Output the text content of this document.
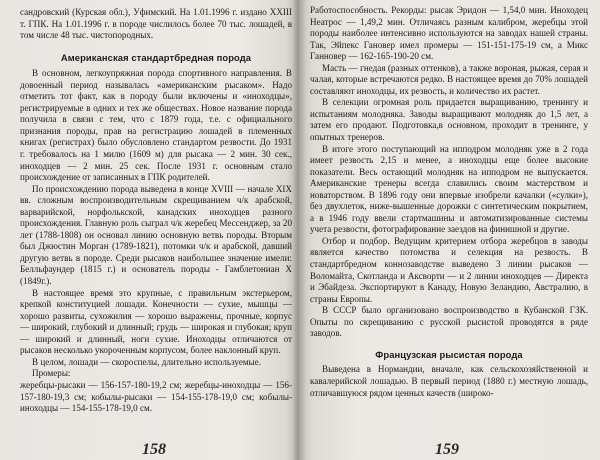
сандровский (Курская обл.), Уфимский. На 1.01.1996 г. издано XXIII т. ГПК. На 1.01.1996 г. в породе числилось более 70 тыс. лошадей, в том числе 48 тыс. чистопородных.

Американская стандартбредная порода

В основном, легкоупряжная порода спортивного направления. В довоенный период называлась «американским рысаком». Надо отметить тот факт, как в породу были включены и «иноходцы», регистрируемые в одних и тех же обществах. Новое название порода получила в связи с тем, что с 1879 года, т.е. с официального признания породы, прав на регистрацию лошадей в племенных книгах (регистрах) было обусловлено стандартом резвости. До 1931 г. требовалось на 1 милю (1609 м) для рысака — 2 мин. 30 сек., иноходцев — 2 мин. 25 сек. После 1931 г. основным стало происхождение от записанных в ГПК родителей.

По происхождению порода выведена в конце XVIII — начале XIX вв. сложным воспроизводительным скрещиванием ч/к арабской, варварийской, норфолькской, канадских иноходцев разного происхождения. Главную роль сыграл ч/к жеребец Мессенджер, за 20 лет (1788-1808) он основал линию основную ветвь породы. Вторым был Джюстин Морган (1789-1821), потомки ч/к и арабской, давший другую ветвь в породе. Среди рысаков наибольшее значение имели: Белльфаундер (1815 г.) и основатель породы - Гамблетониан X (1849г.).

В настоящее время это крупные, с правильным экстерьером, крепкой конституцией лошади. Конечности — сухие, мышцы — хорошо развиты, сухожилия — хорошо выражены, прочные, корпус — широкий, глубокий и длинный; грудь — широкая и глубокая; круп — широкий и длинный, ноги сухие. Иноходцы отличаются от рысаков несколько укороченным корпусом, более наклонный круп.

В целом, лошади — скороспелы, длительно используемые.

Промеры:

жеребцы-рысаки — 156-157-180-19,2 см; жеребцы-иноходцы — 156-157-180-19,3 см; кобылы-рысаки — 154-155-178-19,0 см; кобылы-иноходцы — 154-155-178-19,0 см.

158

Работоспособность. Рекорды: рысак Эридон — 1,54,0 мин. Иноходец Неатрос — 1,49,2 мин. Отличаясь разным калибром, жеребцы этой породы наиболее интенсивно используются на заводах нашей страны. Так, Эйпекс Гановер имел промеры — 151-151-175-19 см, а Микс Ганновер — 162-165-190-20 см.

Масть — гнедая (разных оттенков), а также вороная, рыжая, серая и чалая, которые встречаются редко. В настоящее время до 70% лошадей составляют иноходцы, их резвость, и количество их растет.

В селекции огромная роль придается выращиванию, тренингу и испытаниям молодняка. Заводы выращивают молодняк до 1,5 лет, а затем его продают. Подготовка,в основном, проходит в тренинге, у опытных тренеров.

В итоге этого поступающий на ипподром молодняк уже в 2 года имеет резвость 2,15 и менее, а иноходцы еще более высокие показатели. Весь остающий молодняк на ипподром не выпускается. Американские тренеры всегда славились своим мастерством и новаторством. В 1896 году они впервые изобрели качалки («сулки»), без двухлеток, ниже-вышенные дорожки с синтетическим покрытием, а в 1946 году ввели стартмашины и автоматизированные системы учета резвости, фотографирование заездов на финишной и другие.

Отбор и подбор. Ведущим критерием отбора жеребцов в заводы является качество потомства и селекция на резвость. В стандартбредном коннозаводстве выведено 3 линии рысаков — Воломайта, Скотланда и Аксворти — и 2 линии иноходцев — Директа и Эбайдеза. Экспортируют в Канаду, Новую Зеландию, Австралию, в страны Европы.

В СССР было организовано воспроизводство в Кубанской ГЗК. Опыты по скрещиванию с русской рысистой проводятся в ряде заводов.

Французская рысистая порода

Выведена в Нормандии, вначале, как сельскохозяйственной и кавалерийской лошадью. В первый период (1880 г.) местную лошадь, отличавшуюся рядом ценных качеств (широко-

159
